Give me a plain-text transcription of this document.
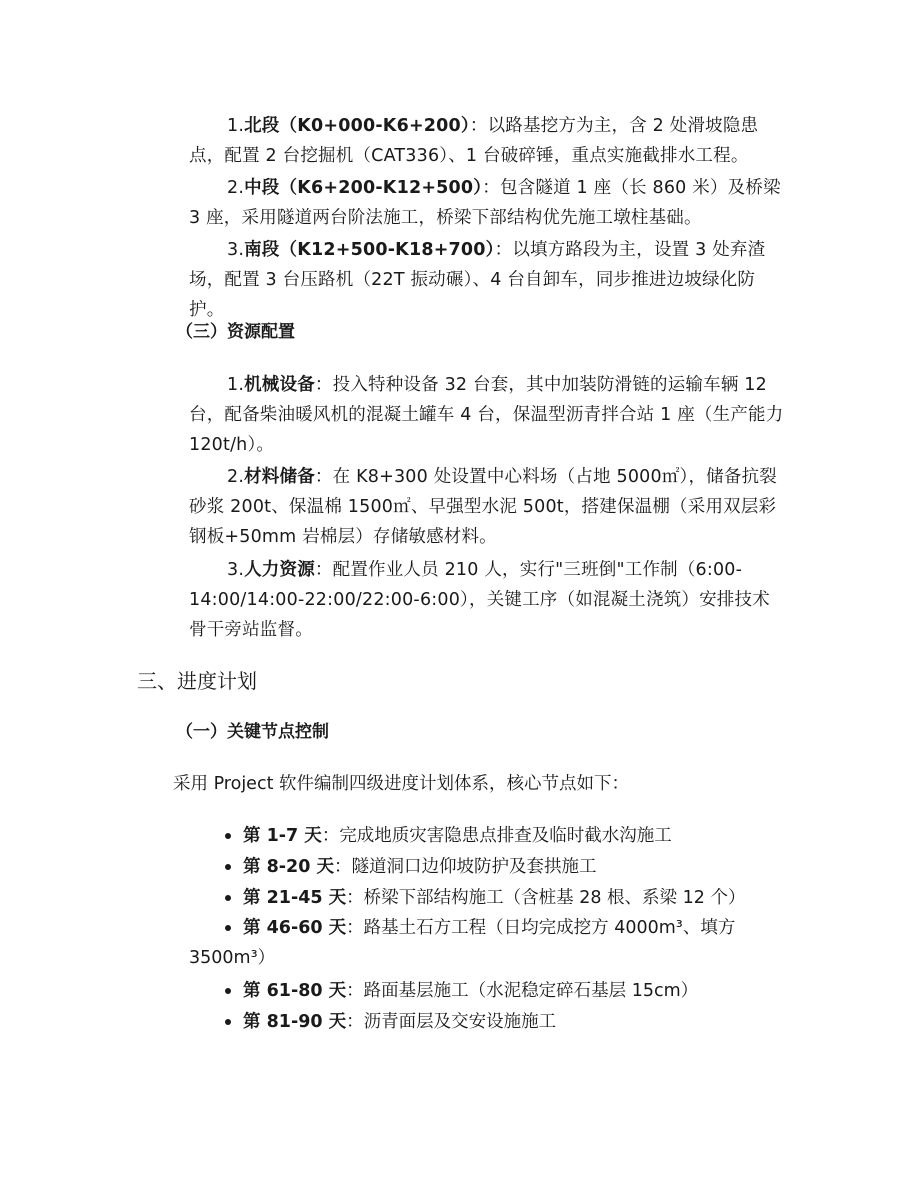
1.北段（K0+000-K6+200）：以路基挖方为主，含 2 处滑坡隐患点，配置 2 台挖掘机（CAT336）、1 台破碎锤，重点实施截排水工程。
2.中段（K6+200-K12+500）：包含隧道 1 座（长 860 米）及桥梁 3 座，采用隧道两台阶法施工，桥梁下部结构优先施工墩柱基础。
3.南段（K12+500-K18+700）：以填方路段为主，设置 3 处弃渣场，配置 3 台压路机（22T 振动碾）、4 台自卸车，同步推进边坡绿化防护。
（三）资源配置
1.机械设备：投入特种设备 32 台套，其中加装防滑链的运输车辆 12 台，配备柴油暖风机的混凝土罐车 4 台，保温型沥青拌合站 1 座（生产能力 120t/h）。
2.材料储备：在 K8+300 处设置中心料场（占地 5000㎡），储备抗裂砂浆 200t、保温棉 1500㎡、早强型水泥 500t，搭建保温棚（采用双层彩钢板+50mm 岩棉层）存储敏感材料。
3.人力资源：配置作业人员 210 人，实行"三班倒"工作制（6:00-14:00/14:00-22:00/22:00-6:00），关键工序（如混凝土浇筑）安排技术骨干旁站监督。
三、进度计划
（一）关键节点控制
采用 Project 软件编制四级进度计划体系，核心节点如下：
第 1-7 天：完成地质灾害隐患点排查及临时截水沟施工
第 8-20 天：隧道洞口边仰坡防护及套拱施工
第 21-45 天：桥梁下部结构施工（含桩基 28 根、系梁 12 个）
第 46-60 天：路基土石方工程（日均完成挖方 4000m³、填方 3500m³）
第 61-80 天：路面基层施工（水泥稳定碎石基层 15cm）
第 81-90 天：沥青面层及交安设施施工
